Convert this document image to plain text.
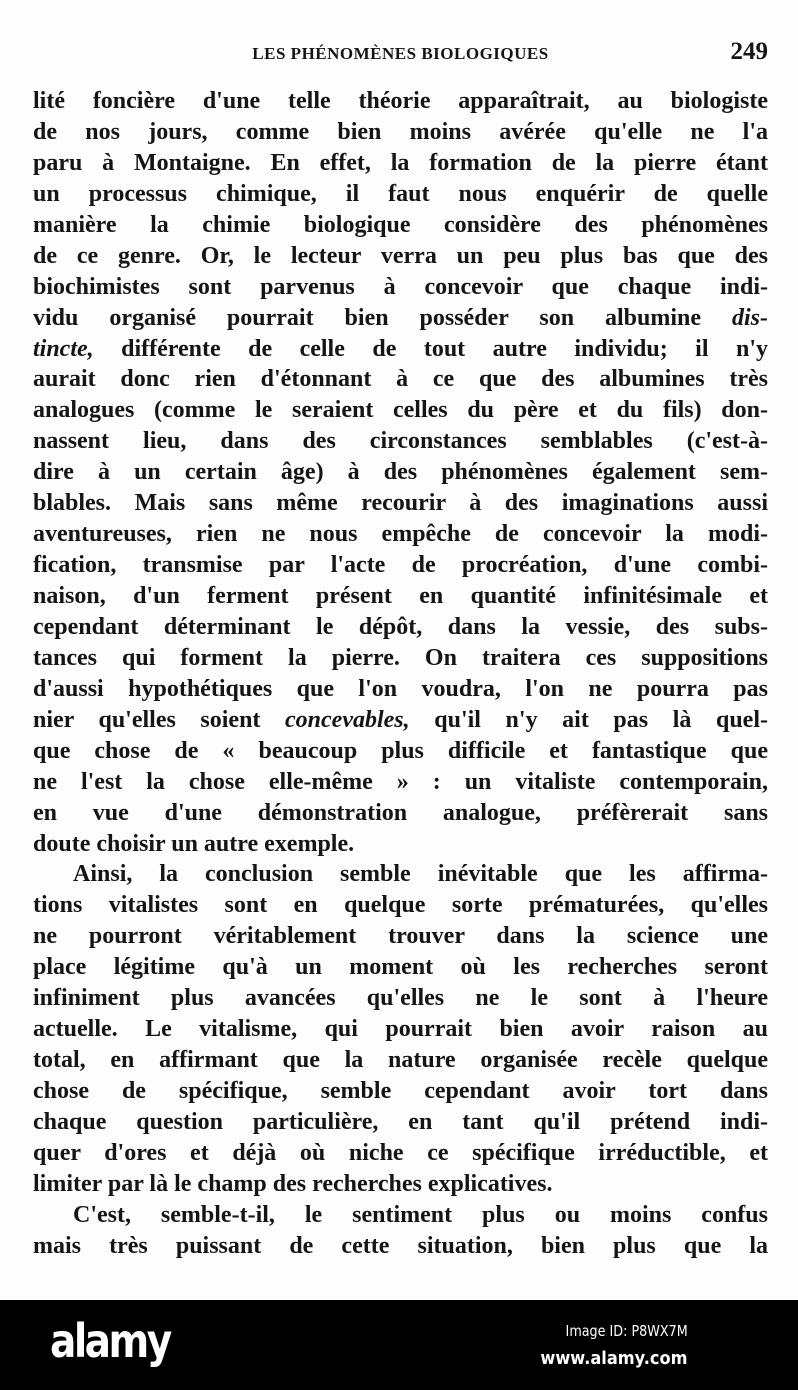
LES PHÉNOMÈNES BIOLOGIQUES	249
lité foncière d'une telle théorie apparaîtrait, au biologiste
de nos jours, comme bien moins avérée qu'elle ne l'a
paru à Montaigne. En effet, la formation de la pierre étant
un processus chimique, il faut nous enquérir de quelle
manière la chimie biologique considère des phénomènes
de ce genre. Or, le lecteur verra un peu plus bas que des
biochimistes sont parvenus à concevoir que chaque indi-
vidu organisé pourrait bien posséder son albumine dis-
tincte, différente de celle de tout autre individu; il n'y
aurait donc rien d'étonnant à ce que des albumines très
analogues (comme le seraient celles du père et du fils) don-
nassent lieu, dans des circonstances semblables (c'est-à-
dire à un certain âge) à des phénomènes également sem-
blables. Mais sans même recourir à des imaginations aussi
aventureuses, rien ne nous empêche de concevoir la modi-
fication, transmise par l'acte de procréation, d'une combi-
naison, d'un ferment présent en quantité infinitésimale et
cependant déterminant le dépôt, dans la vessie, des subs-
tances qui forment la pierre. On traitera ces suppositions
d'aussi hypothétiques que l'on voudra, l'on ne pourra pas
nier qu'elles soient concevables, qu'il n'y ait pas là quel-
que chose de « beaucoup plus difficile et fantastique que
ne l'est la chose elle-même » : un vitaliste contemporain,
en vue d'une démonstration analogue, préfèrerait sans
doute choisir un autre exemple.
Ainsi, la conclusion semble inévitable que les affirma-
tions vitalistes sont en quelque sorte prématurées, qu'elles
ne pourront véritablement trouver dans la science une
place légitime qu'à un moment où les recherches seront
infiniment plus avancées qu'elles ne le sont à l'heure
actuelle. Le vitalisme, qui pourrait bien avoir raison au
total, en affirmant que la nature organisée recèle quelque
chose de spécifique, semble cependant avoir tort dans
chaque question particulière, en tant qu'il prétend indi-
quer d'ores et déjà où niche ce spécifique irréductible, et
limiter par là le champ des recherches explicatives.
C'est, semble-t-il, le sentiment plus ou moins confus
mais très puissant de cette situation, bien plus que la
alamy	Image ID: P8WX7M
www.alamy.com
